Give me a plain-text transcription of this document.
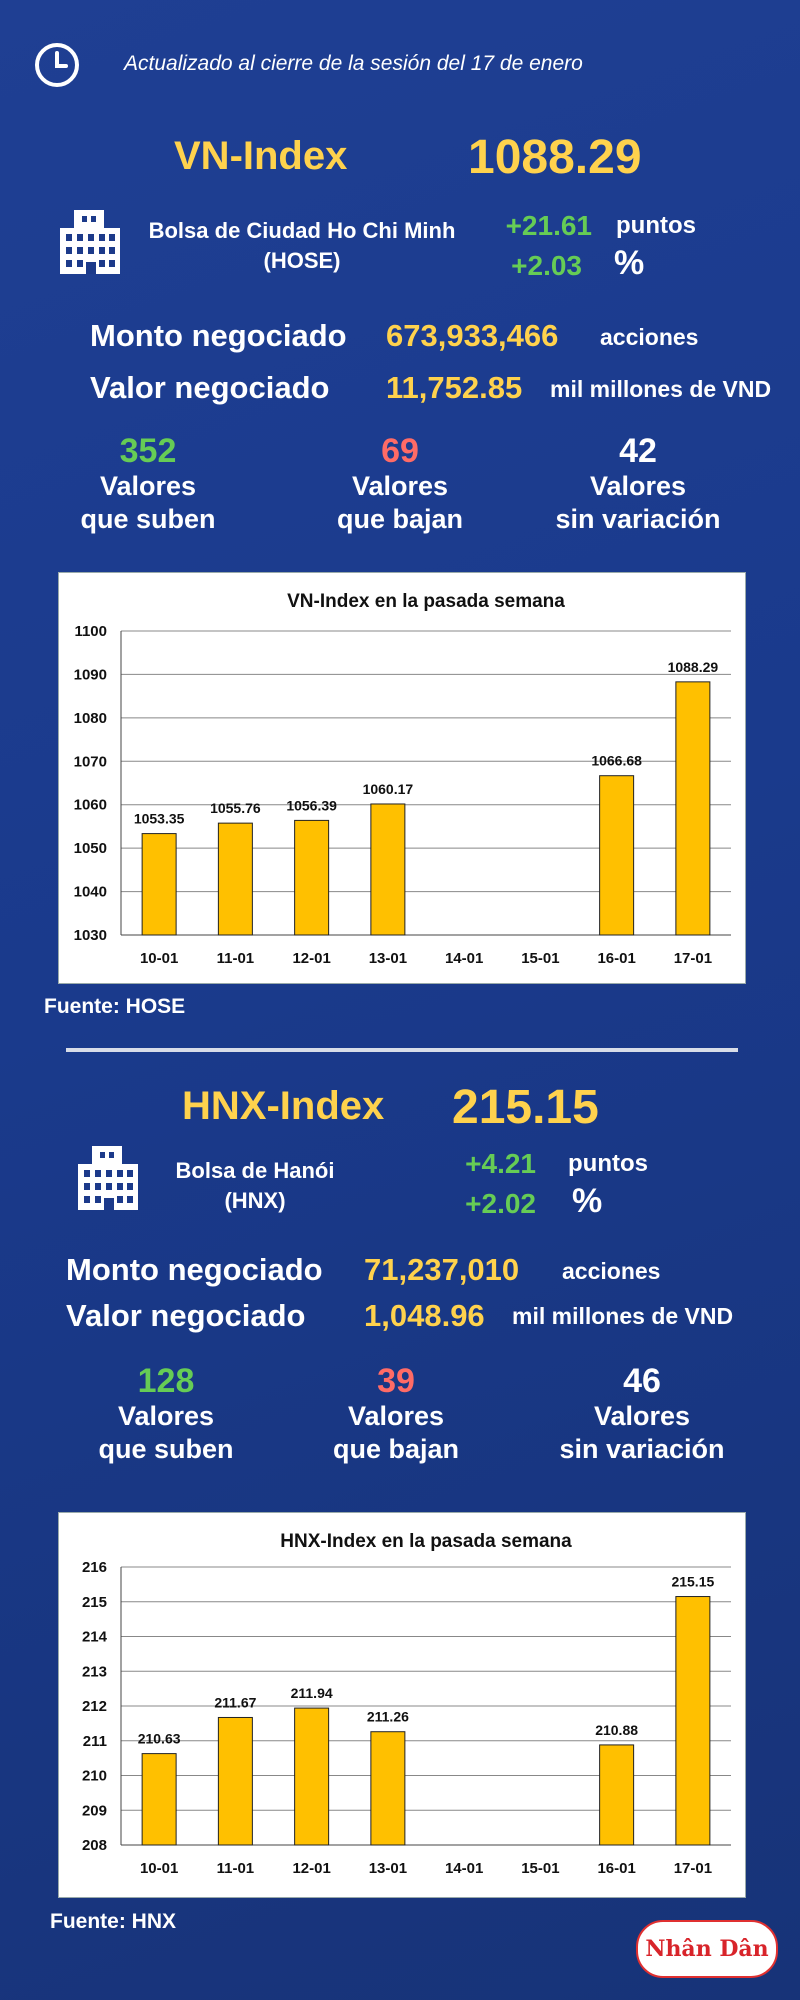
Actualizado al cierre de la sesión del 17 de enero
VN-Index	1088.29
Bolsa de Ciudad Ho Chi Minh
(HOSE)
+21.61 puntos
+2.03 %
Monto negociado 673,933,466 acciones
Valor negociado 11,752.85 mil millones de VND
352
Valores
que suben
69
Valores
que bajan
42
Valores
sin variación
VN-Index en la pasada semana
1030
1040
1050
1060
1070
1080
1090
1100
10-01
1053.35
11-01
1055.76
12-01
1056.39
13-01
1060.17
14-01	15-01	16-01
1066.68
17-01
1088.29
Fuente: HOSE
HNX-Index 215.15
Bolsa de Hanói
(HNX)
+4.21 puntos
+2.02 %
Monto negociado 71,237,010 acciones
Valor negociado 1,048.96 mil millones de VND
128
Valores
que suben
39
Valores
que bajan
46
Valores
sin variación
HNX-Index en la pasada semana
208
209
210
211
212
213
214
215
216
10-01
210.63
11-01
211.67
12-01
211.94
13-01
211.26
14-01	15-01	16-01
210.88
17-01
215.15
Fuente: HNX
Nhân Dân
